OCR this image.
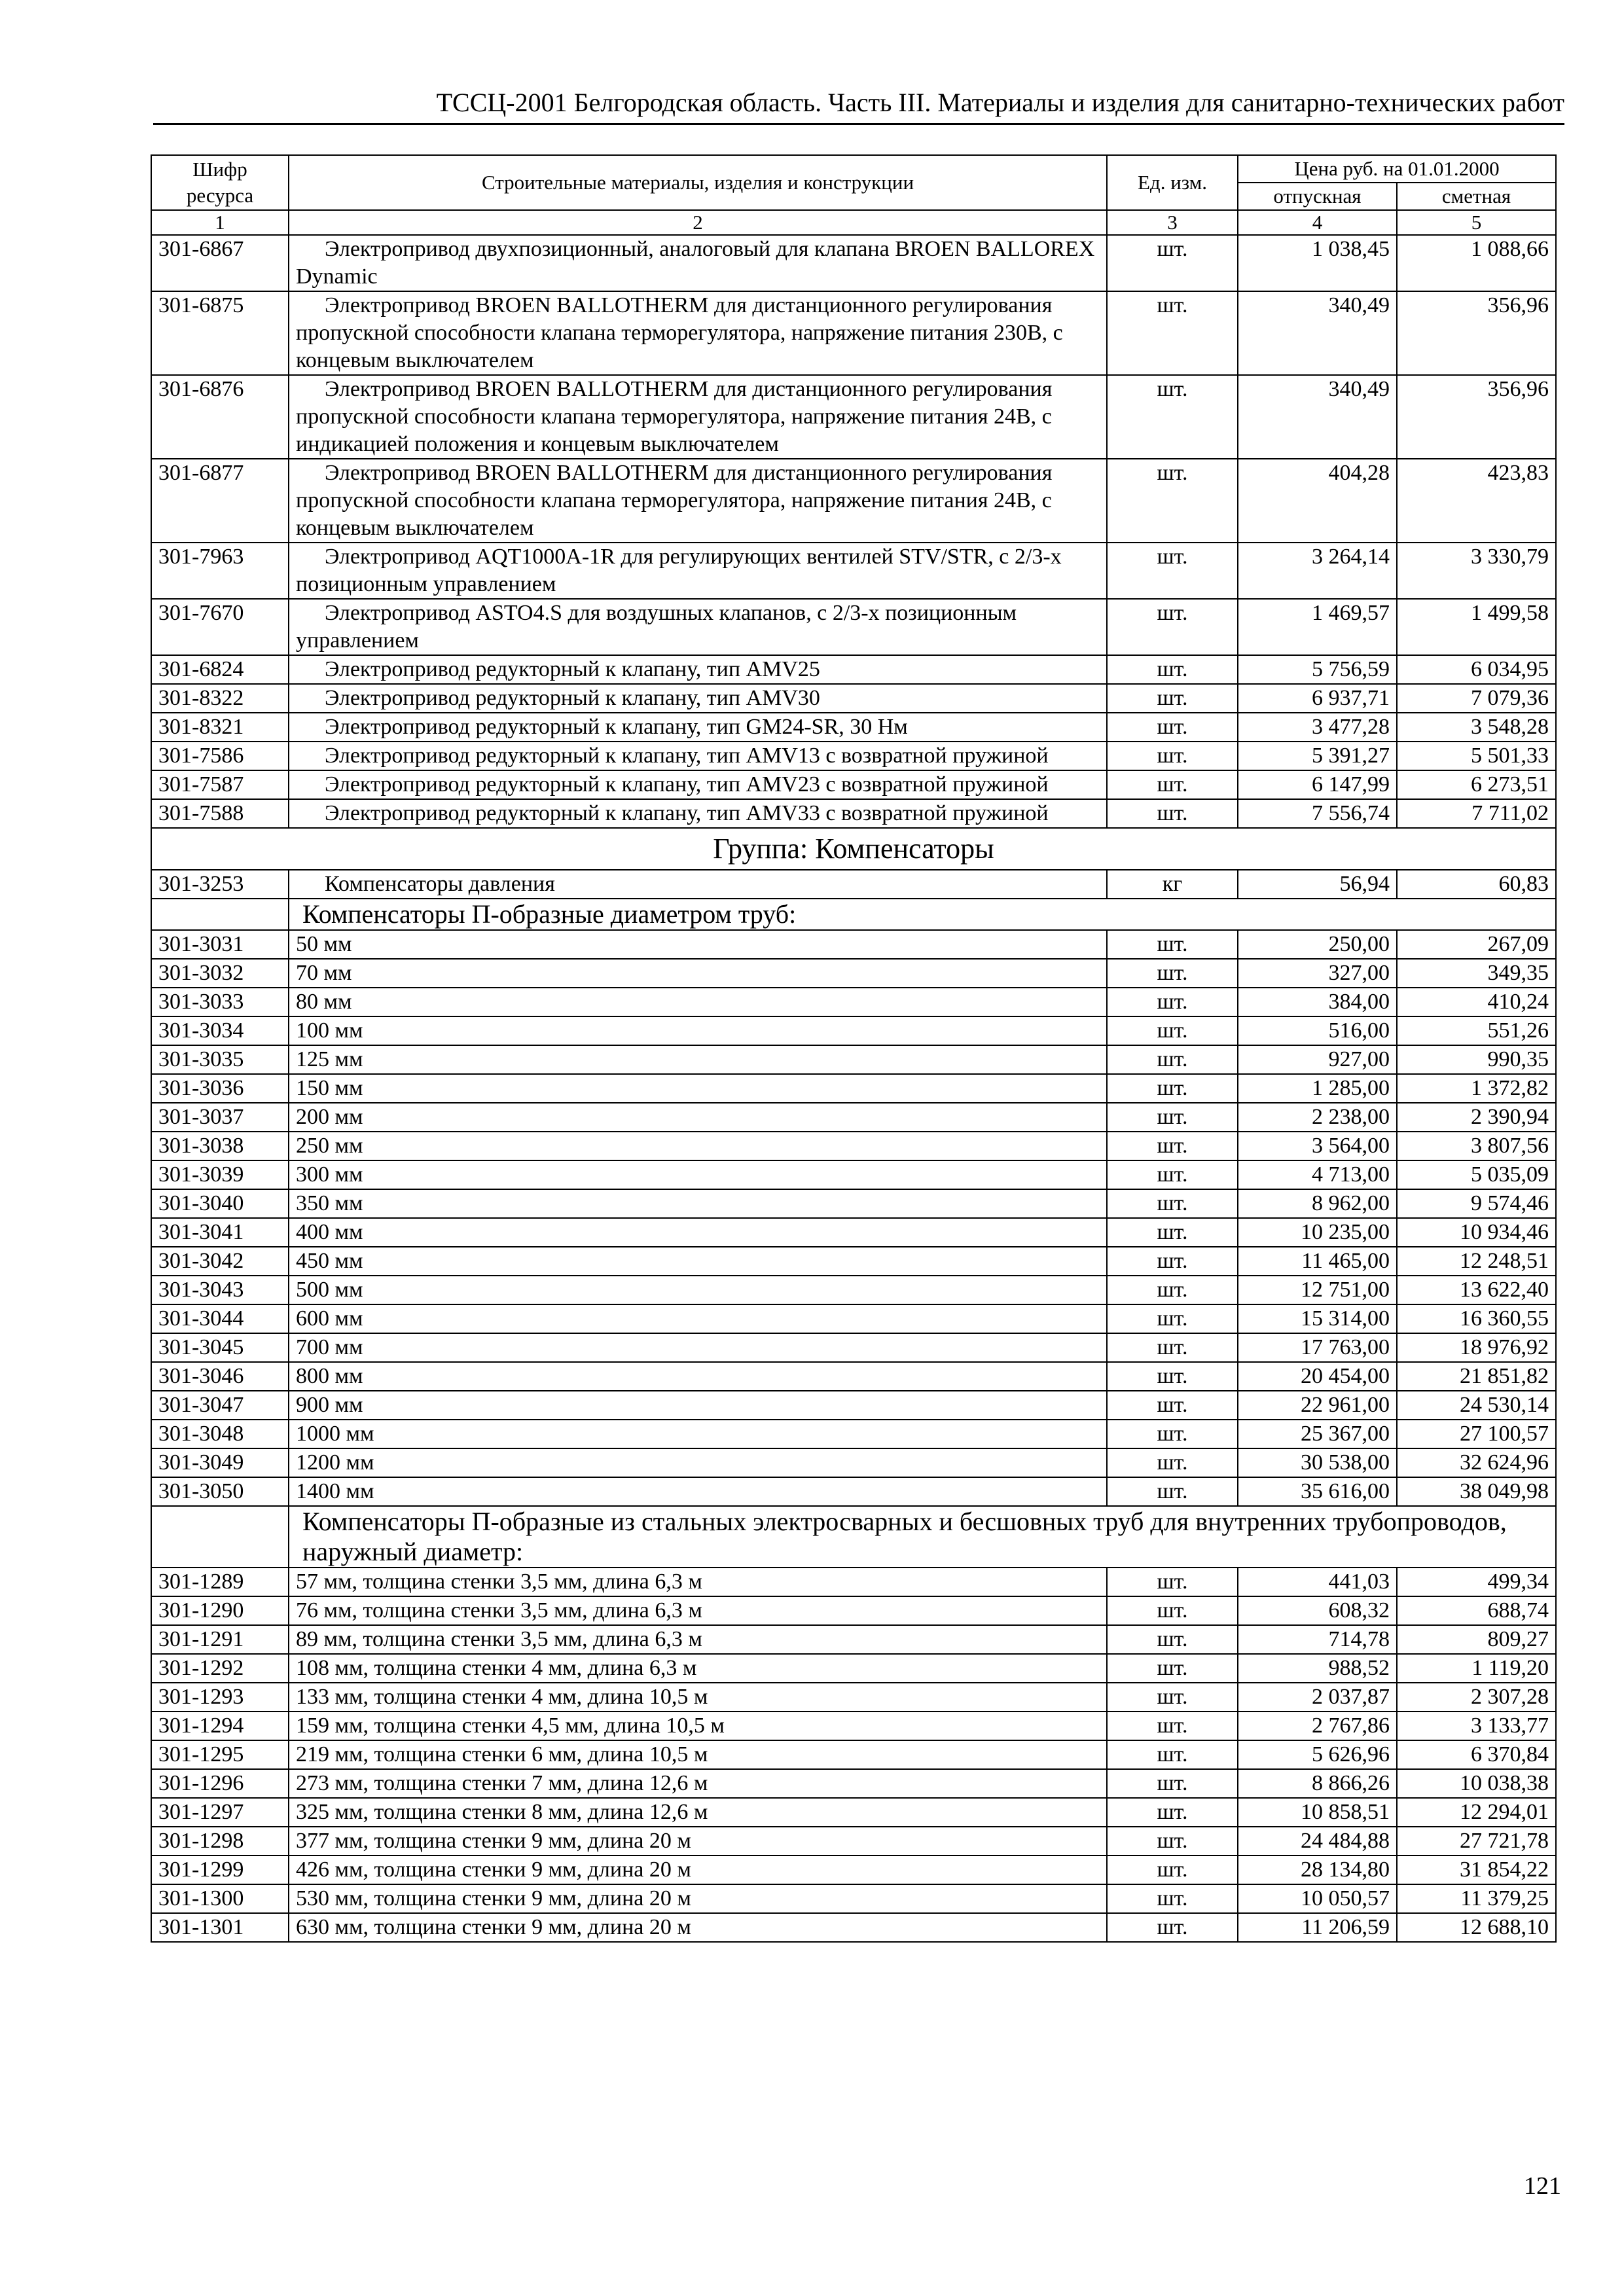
ТССЦ-2001 Белгородская область. Часть III. Материалы и изделия для санитарно-технических работ
Шифр ресурса	Строительные материалы, изделия и конструкции	Ед. изм.	Цена руб. на 01.01.2000	
			отпускная	сметная
1	2	3	4	5
301-6867	Электропривод двухпозиционный, аналоговый для клапана BROEN BALLOREX Dynamic	шт.	1 038,45	1 088,66
301-6875	Электропривод BROEN BALLOTHERM для дистанционного регулирования пропускной способности клапана терморегулятора, напряжение питания 230В, с концевым выключателем	шт.	340,49	356,96
301-6876	Электропривод BROEN BALLOTHERM для дистанционного регулирования пропускной способности клапана терморегулятора, напряжение питания 24В, с индикацией положения и концевым выключателем	шт.	340,49	356,96
301-6877	Электропривод BROEN BALLOTHERM для дистанционного регулирования пропускной способности клапана терморегулятора, напряжение питания 24В, с концевым выключателем	шт.	404,28	423,83
301-7963	Электропривод AQT1000A-1R для регулирующих вентилей STV/STR, с 2/3-х позиционным управлением	шт.	3 264,14	3 330,79
301-7670	Электропривод ASTO4.S для воздушных клапанов, с 2/3-х позиционным управлением	шт.	1 469,57	1 499,58
301-6824	Электропривод редукторный к клапану, тип AMV25	шт.	5 756,59	6 034,95
301-8322	Электропривод редукторный к клапану, тип AMV30	шт.	6 937,71	7 079,36
301-8321	Электропривод редукторный к клапану, тип GM24-SR, 30 Нм	шт.	3 477,28	3 548,28
301-7586	Электропривод редукторный к клапану, тип AMV13 с возвратной пружиной	шт.	5 391,27	5 501,33
301-7587	Электропривод редукторный к клапану, тип AMV23 с возвратной пружиной	шт.	6 147,99	6 273,51
301-7588	Электропривод редукторный к клапану, тип AMV33 с возвратной пружиной	шт.	7 556,74	7 711,02
Группа: Компенсаторы				
301-3253	Компенсаторы давления	кг	56,94	60,83
	Компенсаторы П-образные диаметром труб:			
301-3031	50 мм	шт.	250,00	267,09
301-3032	70 мм	шт.	327,00	349,35
301-3033	80 мм	шт.	384,00	410,24
301-3034	100 мм	шт.	516,00	551,26
301-3035	125 мм	шт.	927,00	990,35
301-3036	150 мм	шт.	1 285,00	1 372,82
301-3037	200 мм	шт.	2 238,00	2 390,94
301-3038	250 мм	шт.	3 564,00	3 807,56
301-3039	300 мм	шт.	4 713,00	5 035,09
301-3040	350 мм	шт.	8 962,00	9 574,46
301-3041	400 мм	шт.	10 235,00	10 934,46
301-3042	450 мм	шт.	11 465,00	12 248,51
301-3043	500 мм	шт.	12 751,00	13 622,40
301-3044	600 мм	шт.	15 314,00	16 360,55
301-3045	700 мм	шт.	17 763,00	18 976,92
301-3046	800 мм	шт.	20 454,00	21 851,82
301-3047	900 мм	шт.	22 961,00	24 530,14
301-3048	1000 мм	шт.	25 367,00	27 100,57
301-3049	1200 мм	шт.	30 538,00	32 624,96
301-3050	1400 мм	шт.	35 616,00	38 049,98
	Компенсаторы П-образные из стальных электросварных и бесшовных труб для внутренних трубопроводов, наружный диаметр:			
301-1289	57 мм, толщина стенки 3,5 мм, длина 6,3 м	шт.	441,03	499,34
301-1290	76 мм, толщина стенки 3,5 мм, длина 6,3 м	шт.	608,32	688,74
301-1291	89 мм, толщина стенки 3,5 мм, длина 6,3 м	шт.	714,78	809,27
301-1292	108 мм, толщина стенки 4 мм, длина 6,3 м	шт.	988,52	1 119,20
301-1293	133 мм, толщина стенки 4 мм, длина 10,5 м	шт.	2 037,87	2 307,28
301-1294	159 мм, толщина стенки 4,5 мм, длина 10,5 м	шт.	2 767,86	3 133,77
301-1295	219 мм, толщина стенки 6 мм, длина 10,5 м	шт.	5 626,96	6 370,84
301-1296	273 мм, толщина стенки 7 мм, длина 12,6 м	шт.	8 866,26	10 038,38
301-1297	325 мм, толщина стенки 8 мм, длина 12,6 м	шт.	10 858,51	12 294,01
301-1298	377 мм, толщина стенки 9 мм, длина 20 м	шт.	24 484,88	27 721,78
301-1299	426 мм, толщина стенки 9 мм, длина 20 м	шт.	28 134,80	31 854,22
301-1300	530 мм, толщина стенки 9 мм, длина 20 м	шт.	10 050,57	11 379,25
301-1301	630 мм, толщина стенки 9 мм, длина 20 м	шт.	11 206,59	12 688,10
121
